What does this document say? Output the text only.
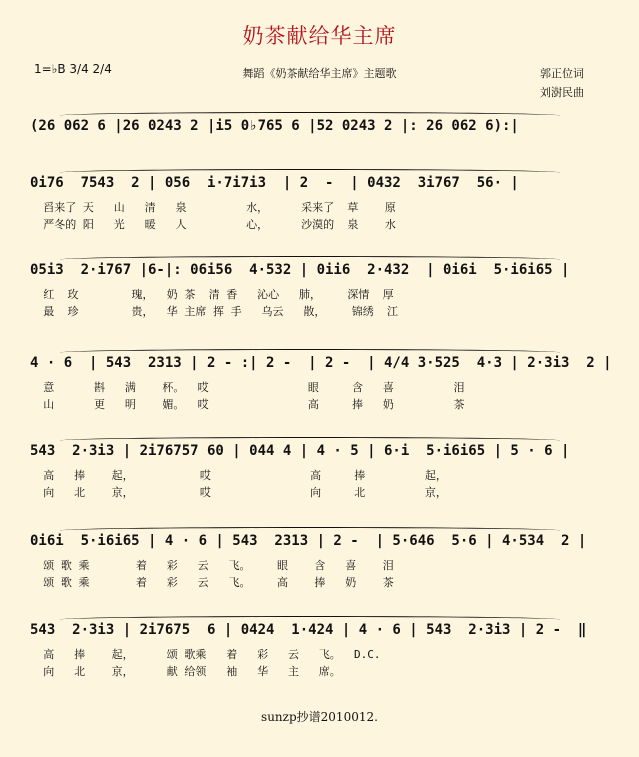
奶茶献给华主席
1=♭B 3/4 2/4	舞蹈《奶茶献给华主席》主题歌	郭正位词
刘澍民曲
(26 062 6 |26 0243 2 |i5 0♭765 6 |52 0243 2 |: 26 062 6):|
0i76  7543  2 | 056  i·7i7i3  | 2  -  | 0432  3i767  56· |
舀来了 天   山   清   泉         水，     采来了  草    原
严冬的 阳   光   暖   人         心，     沙漠的  泉    水
05i3  2·i767 |6-|: 06i56  4·532 | 0ii6  2·432  | 0i6i  5·i6i65 |
红  玫        瑰，  奶 茶  清 香   沁心   肺，    深情  厚
最  珍        贵，  华 主席 挥 手   乌云   散，    锦绣  江
4 · 6  | 543  2313 | 2 - :| 2 -  | 2 -  | 4/4 3·525  4·3 | 2·3i3  2 |
意      斟   满    杯。  哎               眼     含   喜         泪
山      更   明    媚。  哎               高     捧   奶         茶
543  2·3i3 | 2i76757 60 | 044 4 | 4 · 5 | 6·i  5·i6i65 | 5 · 6 |
高   捧    起，          哎               高     捧         起，
向   北    京，          哎               向     北         京，
0i6i  5·i6i65 | 4 · 6 | 543  2313 | 2 -  | 5·646  5·6 | 4·534  2 |
颂 歌 乘       着   彩   云   飞。    眼    含   喜    泪
颂 歌 乘       着   彩   云   飞。    高    捧   奶    茶
543  2·3i3 | 2i7675  6 | 0424  1·424 | 4 · 6 | 543  2·3i3 | 2 -  ‖
高   捧    起，     颂 歌乘   着   彩   云   飞。  D.C.
向   北    京，     献 给领   袖   华   主   席。
sunzp抄谱2010012.
